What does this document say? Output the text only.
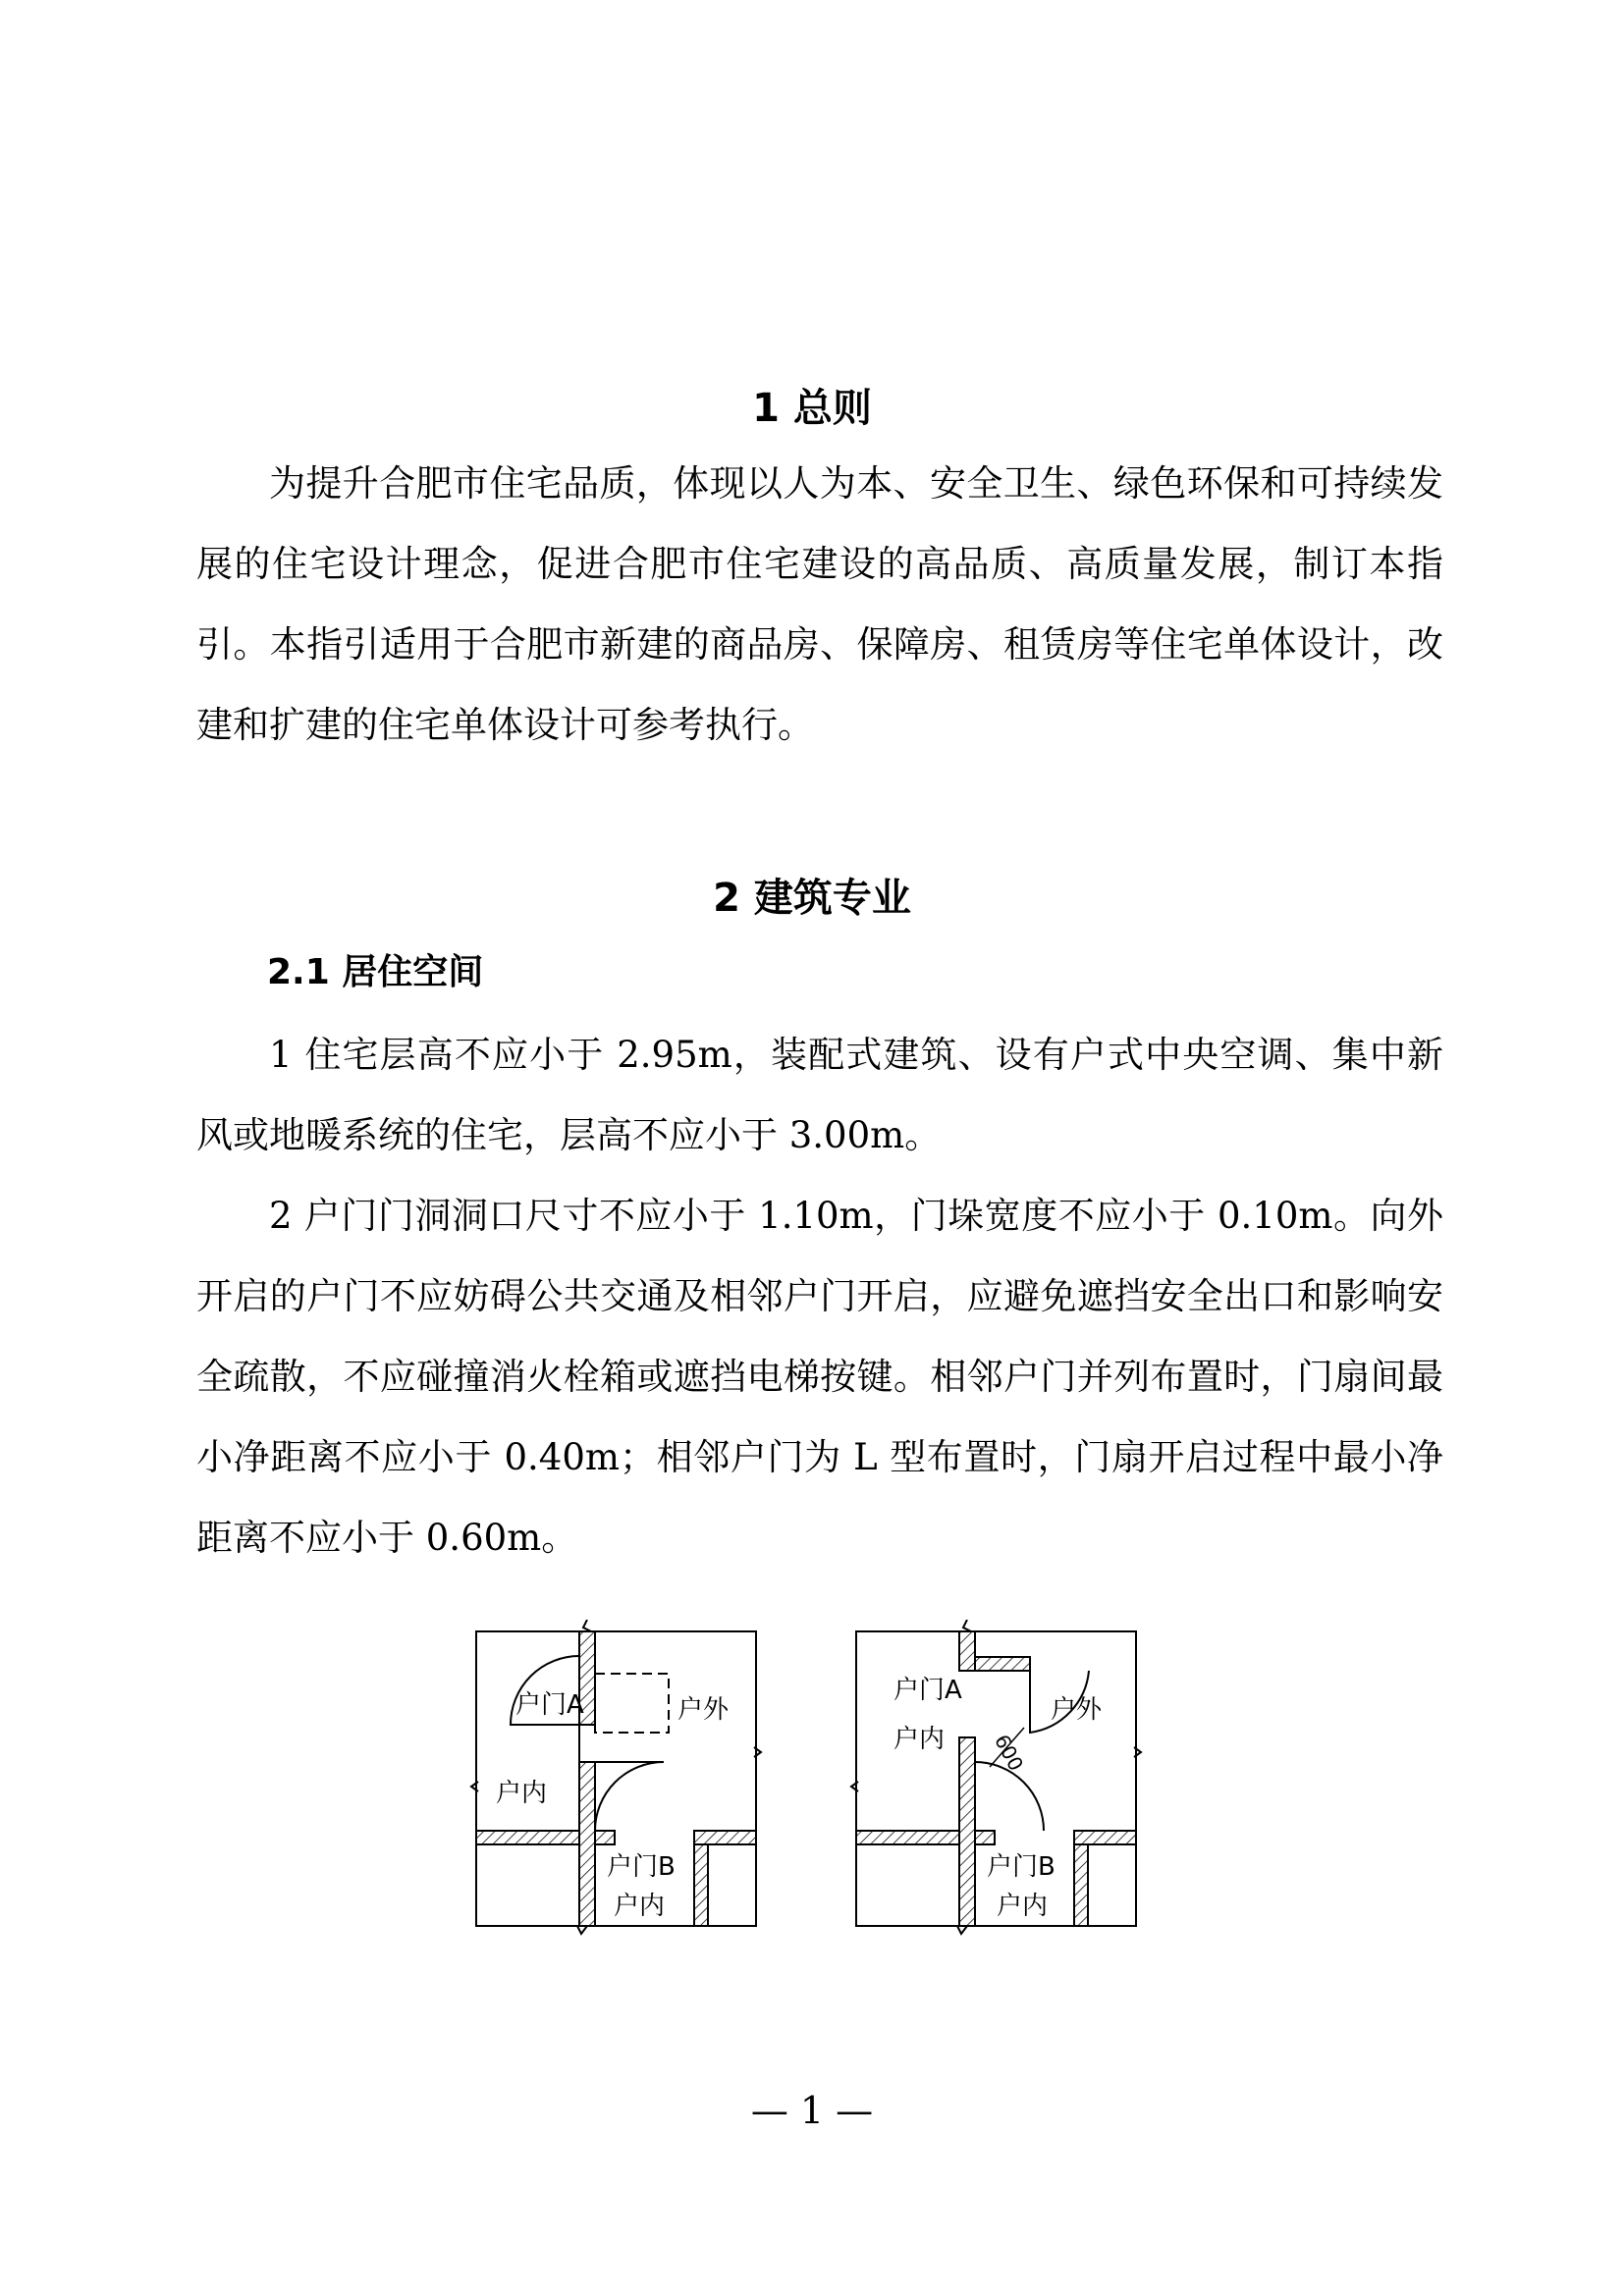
1 总则
为提升合肥市住宅品质，体现以人为本、安全卫生、绿色环保和可持续发展的住宅设计理念，促进合肥市住宅建设的高品质、高质量发展，制订本指引。本指引适用于合肥市新建的商品房、保障房、租赁房等住宅单体设计，改建和扩建的住宅单体设计可参考执行。
2 建筑专业
2.1 居住空间
1 住宅层高不应小于 2.95m，装配式建筑、设有户式中央空调、集中新风或地暖系统的住宅，层高不应小于 3.00m。
2 户门门洞洞口尺寸不应小于 1.10m，门垛宽度不应小于 0.10m。向外开启的户门不应妨碍公共交通及相邻户门开启，应避免遮挡安全出口和影响安全疏散，不应碰撞消火栓箱或遮挡电梯按键。相邻户门并列布置时，门扇间最小净距离不应小于 0.40m；相邻户门为 L 型布置时，门扇开启过程中最小净距离不应小于 0.60m。
户门A	户外
户内
户门B
户内
户门A
户内 600
户外
户门B
户内
— 1 —
